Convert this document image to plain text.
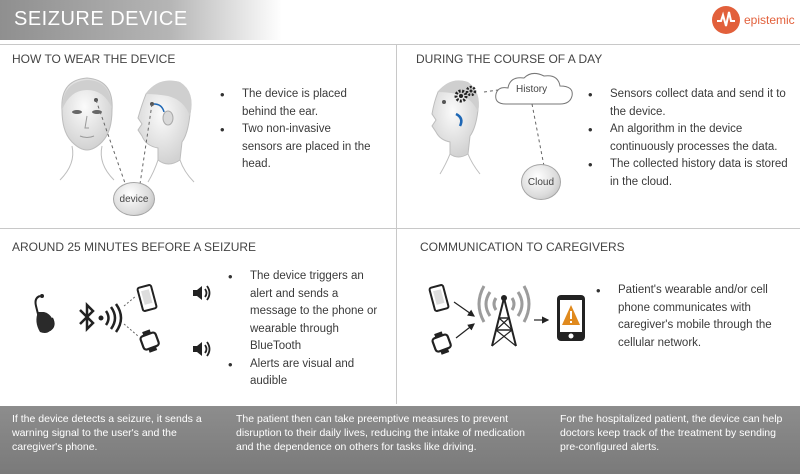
SEIZURE DEVICE	epistemic
HOW TO WEAR THE DEVICE
device
• The device is placed behind the ear.
• Two non-invasive sensors are placed in the head.
DURING THE COURSE OF A DAY
History
Cloud
• Sensors collect data and send it to the device.
• An algorithm in the device continuously processes the data.
• The collected history data is stored in the cloud.
AROUND 25 MINUTES BEFORE A SEIZURE
• The device triggers an alert and sends a message to the phone or wearable through BlueTooth
• Alerts are visual and audible
COMMUNICATION TO CAREGIVERS
• Patient's wearable and/or cell phone communicates with caregiver's mobile through the cellular network.
If the device detects a seizure, it sends a warning signal to the user's and the caregiver's phone.
The patient then can take preemptive measures to prevent disruption to their daily lives, reducing the intake of medication and the dependence on others for tasks like driving.
For the hospitalized patient, the device can help doctors keep track of the treatment by sending pre-configured alerts.
